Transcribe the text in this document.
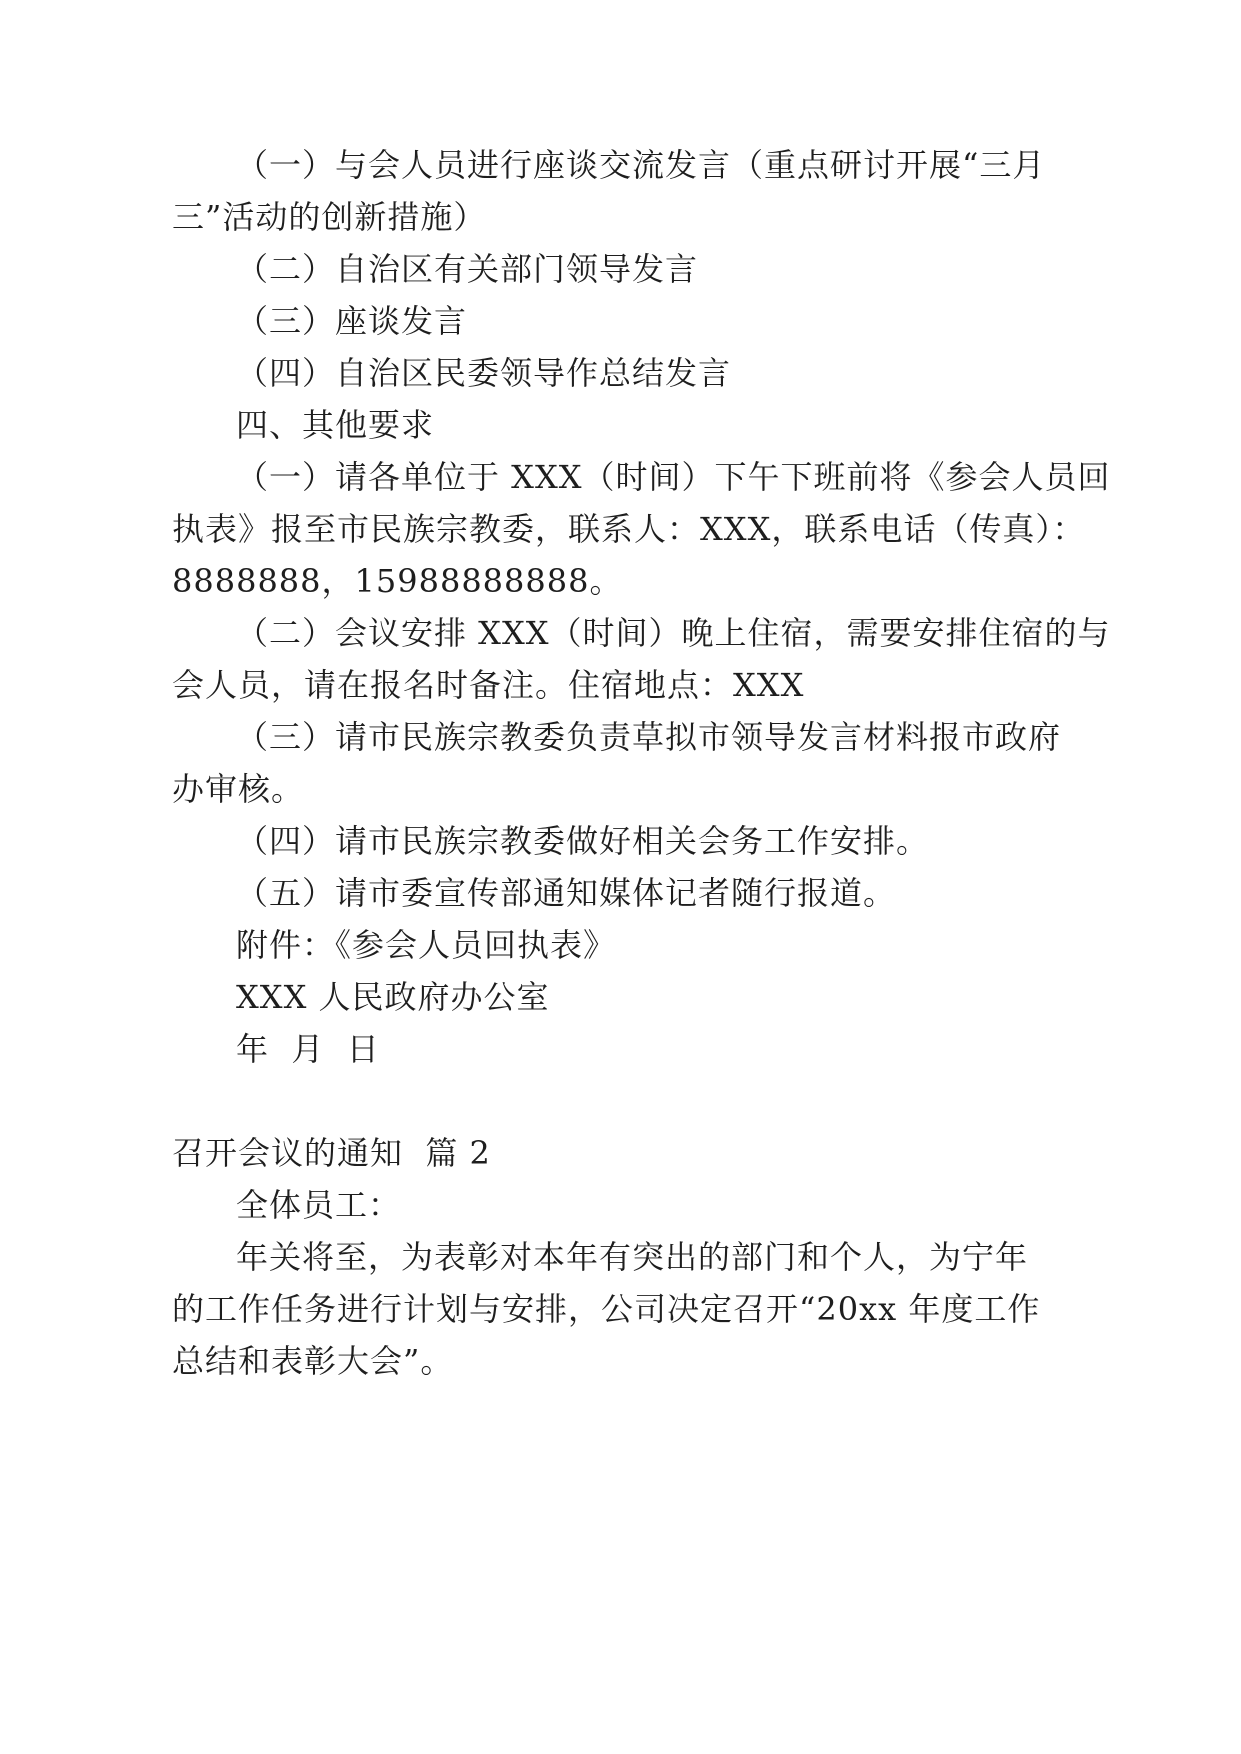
（一）与会人员进行座谈交流发言（重点研讨开展“三月
三”活动的创新措施）
（二）自治区有关部门领导发言
（三）座谈发言
（四）自治区民委领导作总结发言
四、其他要求
（一）请各单位于 XXX（时间）下午下班前将《参会人员回
执表》报至市民族宗教委，联系人：XXX，联系电话（传真）：
8888888，15988888888。
（二）会议安排 XXX（时间）晚上住宿，需要安排住宿的与
会人员，请在报名时备注。住宿地点：XXX
（三）请市民族宗教委负责草拟市领导发言材料报市政府
办审核。
（四）请市民族宗教委做好相关会务工作安排。
（五）请市委宣传部通知媒体记者随行报道。
附件：《参会人员回执表》
XXX 人民政府办公室
年  月  日
召开会议的通知  篇 2
全体员工：
年关将至，为表彰对本年有突出的部门和个人，为宁年
的工作任务进行计划与安排，公司决定召开“20xx 年度工作
总结和表彰大会”。
